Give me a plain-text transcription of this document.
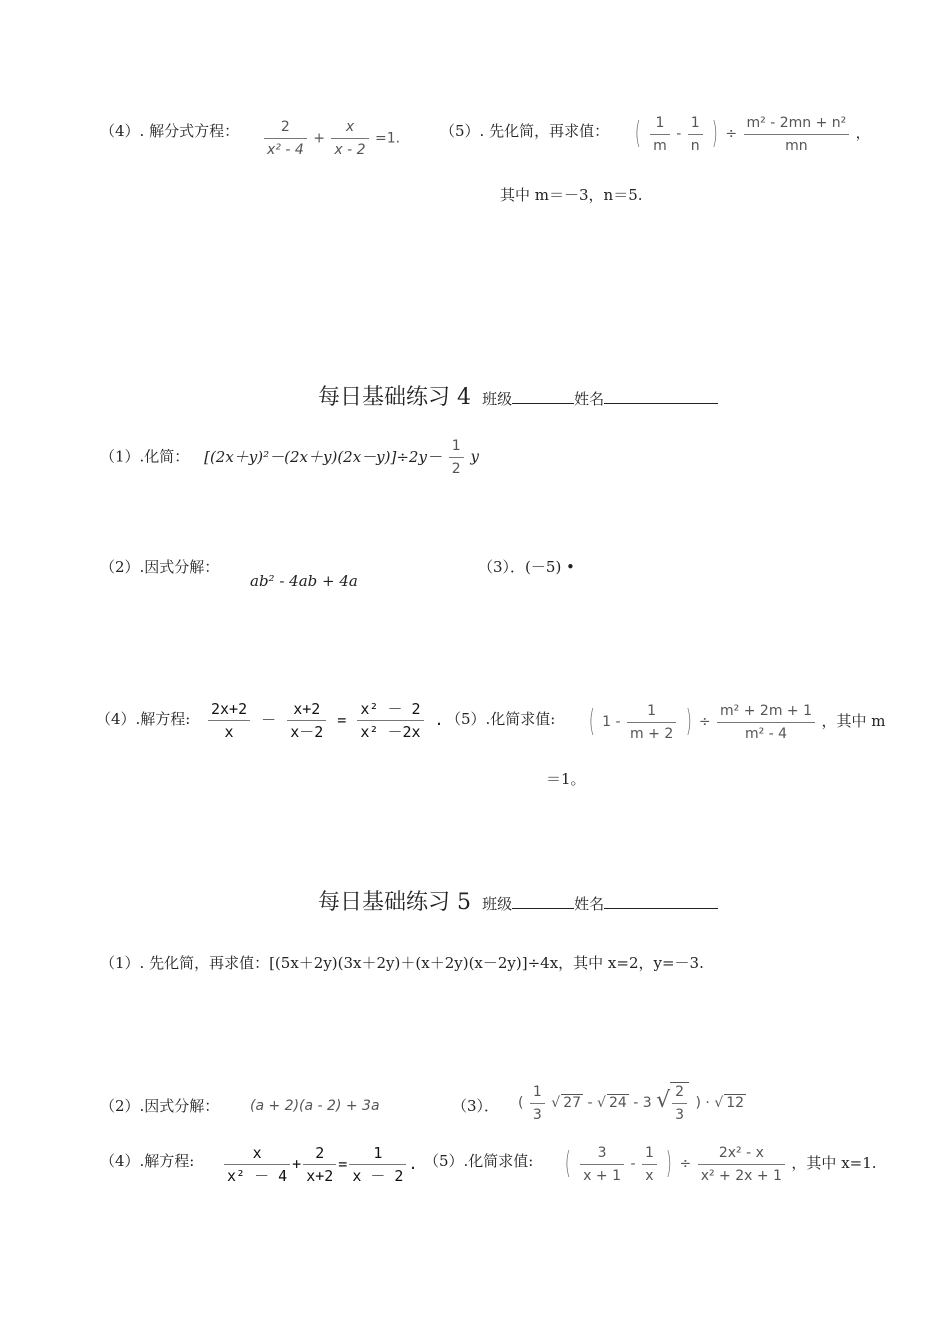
（4）. 解分式方程： $\frac{2}{\text{x² - 4}} + \frac{x}{x - 2} =1$.	（5）. 先化简，再求值： ( $\frac{1}{m} - \frac{1}{n}$ ) ÷ $\frac{\text{m² - 2mn + n²}}{mn}$ ，
其中 m＝－3，n＝5.
每日基础练习 4 班级	姓名
（1）.化简： $[(2x+y)^2-(2x+y)(2x-y)]\div 2y- \frac{1}{2}$ y
（2）.因式分解：
ab² - 4ab + 4a
（3）．(－5) •
（4）.解方程: $\frac{2x+2}{x} - \frac{x+2}{x-2} = \frac{\text{x² － 2}}{\text{x² －2x}}$ . （5）.化简求值: ( $1 - \frac{1}{m + 2}$ ) ÷ $\frac{\text{m² + 2m + 1}}{\text{m² - 4}}$ ，其中 m
＝1。
每日基础练习 5 班级	姓名
（1）. 先化简，再求值：[(5x＋2y)(3x＋2y)＋(x＋2y)(x－2y)]÷4x，其中 x=2，y=－3.
（2）.因式分解： (a + 2)(a - 2) + 3a	（3）． ( $\frac{1}{3}$ √ 27 - √ 24 - 3 √ $\frac{2}{3}$ ) · √ 12
（4）.解方程: $\frac{x}{\text{x² － 4}} + \frac{2}{x+2} = \frac{1}{x - 2}$ . （5）.化简求值: ( $\frac{3}{x + 1} - \frac{1}{x}$ ) ÷ $\frac{\text{2x² - x}}{\text{x² + 2x + 1}}$ ，其中 x=1.
